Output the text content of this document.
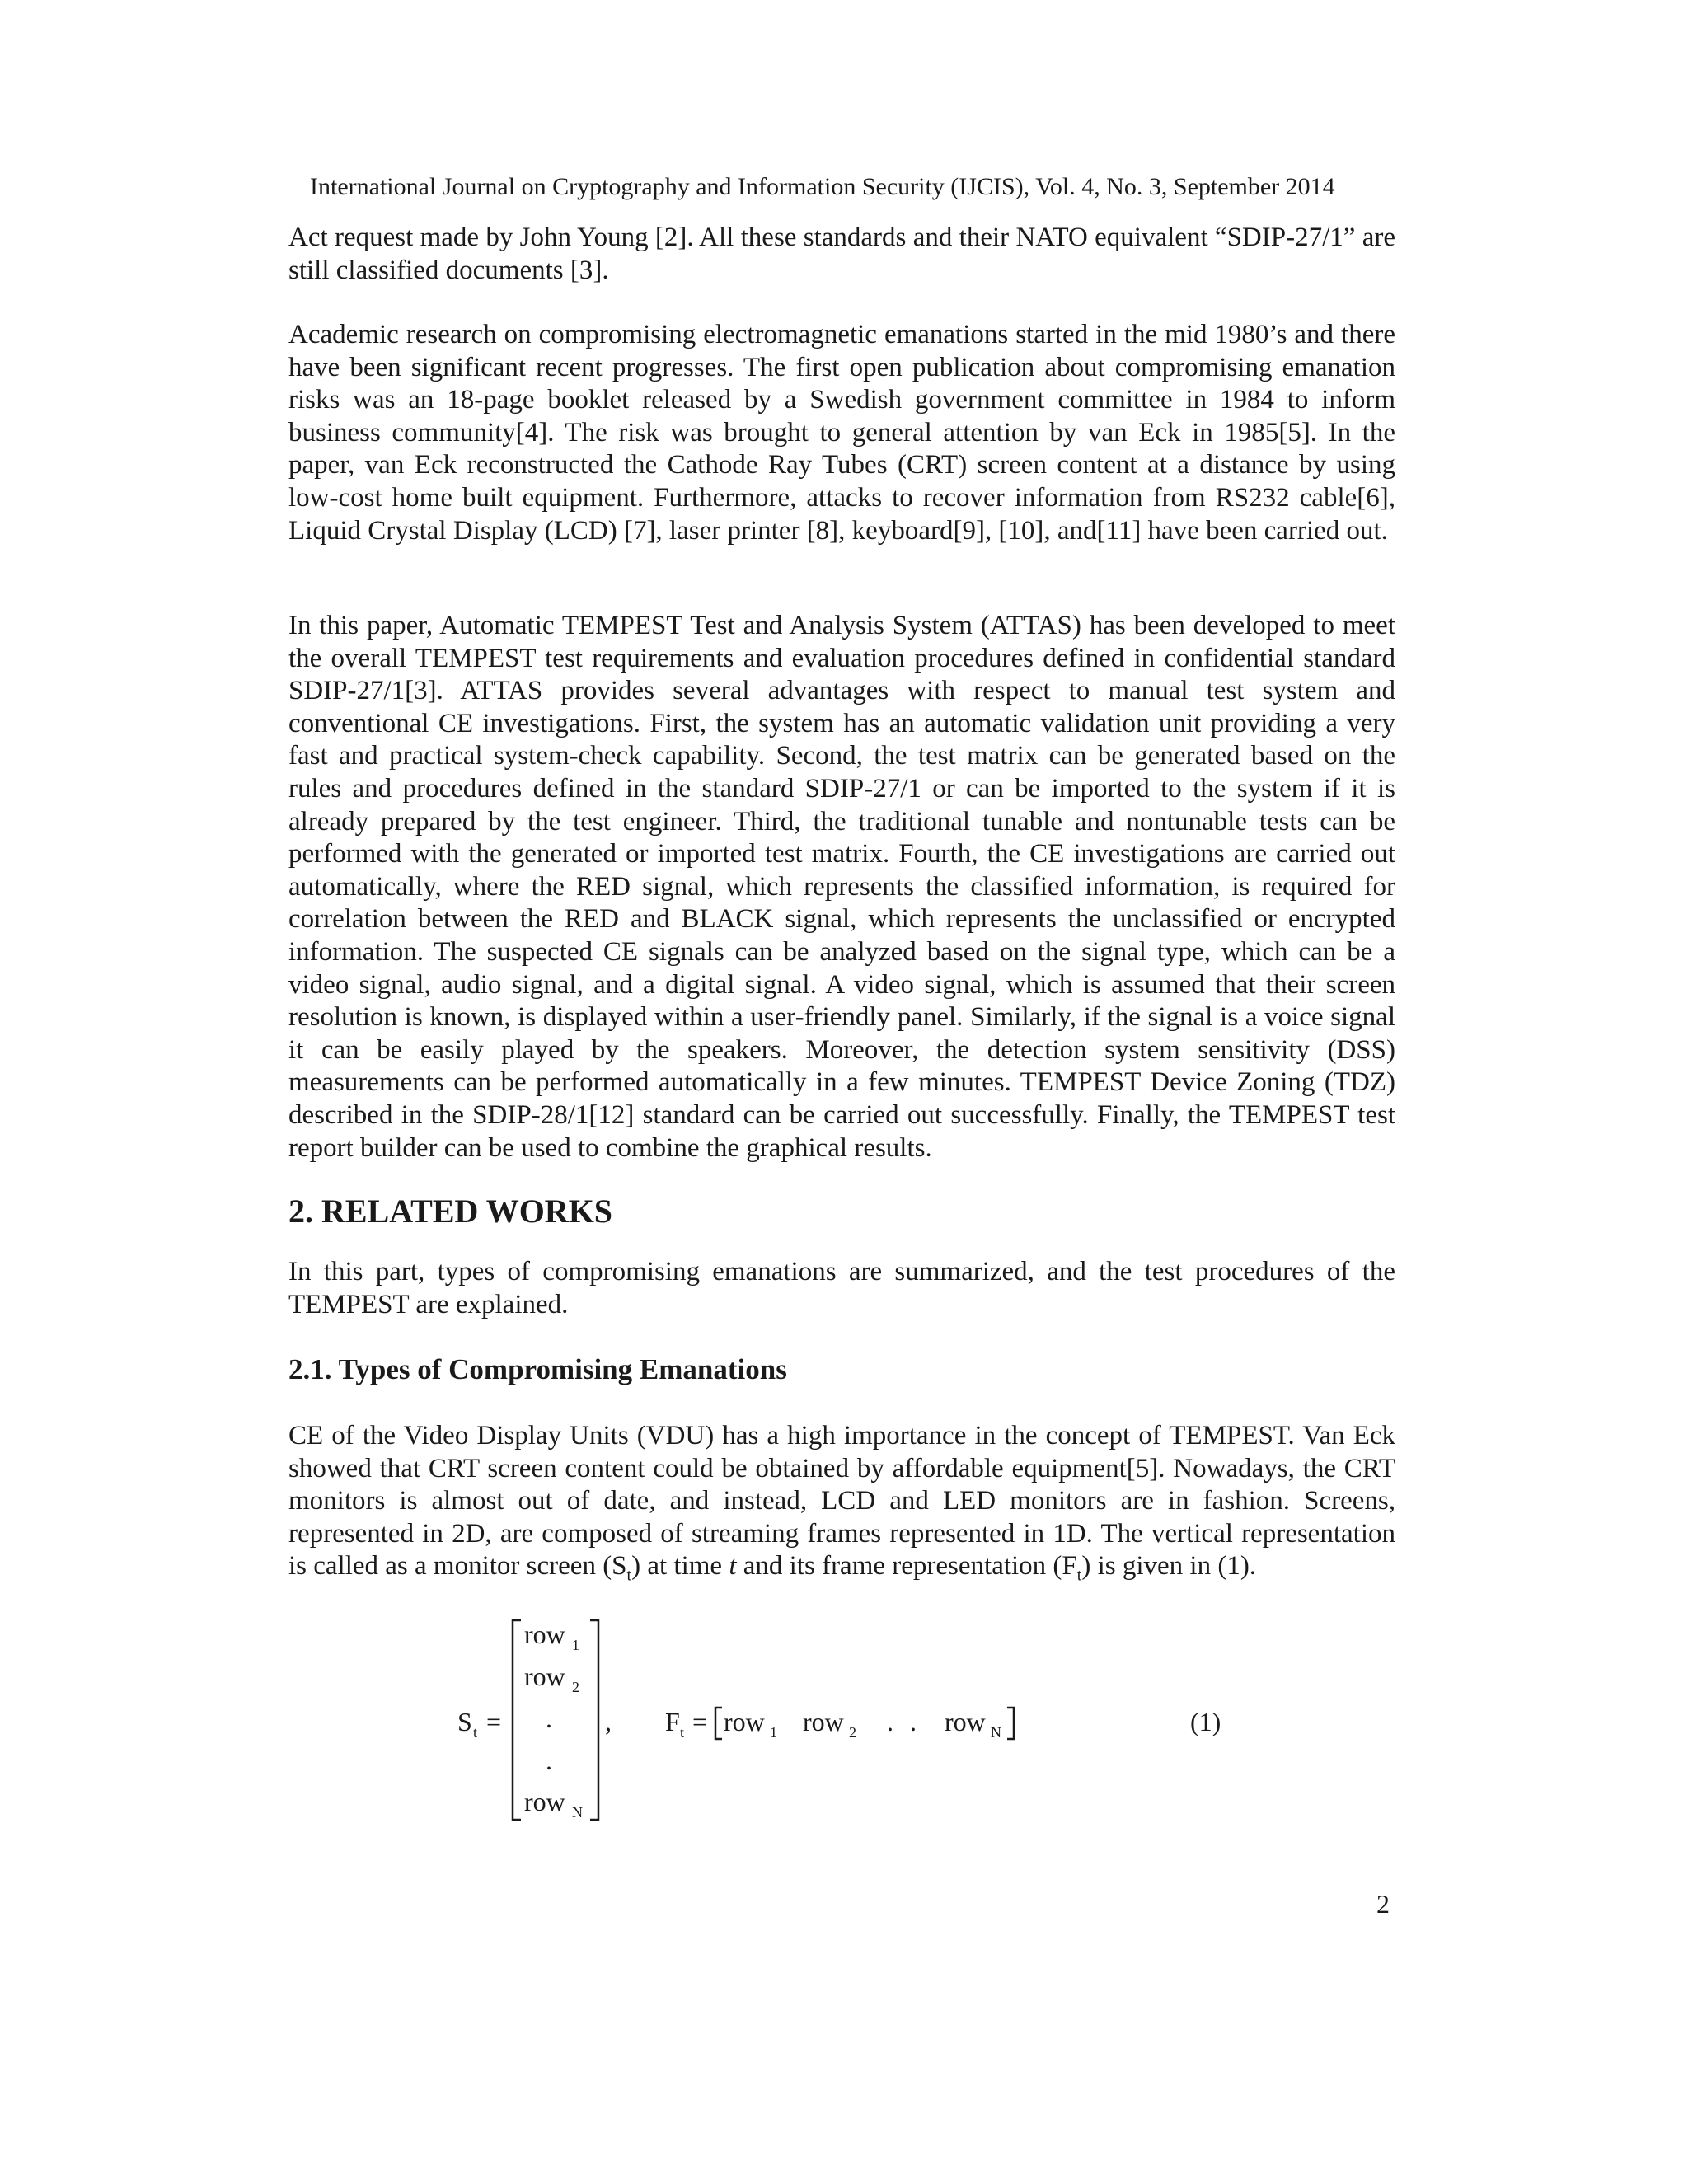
International Journal on Cryptography and Information Security (IJCIS), Vol. 4, No. 3, September 2014

Act request made by John Young [2]. All these standards and their NATO equivalent “SDIP-27/1” are still classified documents [3].

Academic research on compromising electromagnetic emanations started in the mid 1980’s and there have been significant recent progresses. The first open publication about compromising emanation risks was an 18-page booklet released by a Swedish government committee in 1984 to inform business community[4]. The risk was brought to general attention by van Eck in 1985[5]. In the paper, van Eck reconstructed the Cathode Ray Tubes (CRT) screen content at a distance by using low-cost home built equipment. Furthermore, attacks to recover information from RS232 cable[6], Liquid Crystal Display (LCD) [7], laser printer [8], keyboard[9], [10], and[11] have been carried out.

In this paper, Automatic TEMPEST Test and Analysis System (ATTAS) has been developed to meet the overall TEMPEST test requirements and evaluation procedures defined in confidential standard SDIP-27/1[3]. ATTAS provides several advantages with respect to manual test system and conventional CE investigations. First, the system has an automatic validation unit providing a very fast and practical system-check capability. Second, the test matrix can be generated based on the rules and procedures defined in the standard SDIP-27/1 or can be imported to the system if it is already prepared by the test engineer. Third, the traditional tunable and nontunable tests can be performed with the generated or imported test matrix. Fourth, the CE investigations are carried out automatically, where the RED signal, which represents the classified information, is required for correlation between the RED and BLACK signal, which represents the unclassified or encrypted information. The suspected CE signals can be analyzed based on the signal type, which can be a video signal, audio signal, and a digital signal. A video signal, which is assumed that their screen resolution is known, is displayed within a user-friendly panel. Similarly, if the signal is a voice signal it can be easily played by the speakers. Moreover, the detection system sensitivity (DSS) measurements can be performed automatically in a few minutes. TEMPEST Device Zoning (TDZ) described in the SDIP-28/1[12] standard can be carried out successfully. Finally, the TEMPEST test report builder can be used to combine the graphical results.

2. RELATED WORKS

In this part, types of compromising emanations are summarized, and the test procedures of the TEMPEST are explained.

2.1. Types of Compromising Emanations

CE of the Video Display Units (VDU) has a high importance in the concept of TEMPEST. Van Eck showed that CRT screen content could be obtained by affordable equipment[5]. Nowadays, the CRT monitors is almost out of date, and instead, LCD and LED monitors are in fashion. Screens, represented in 2D, are composed of streaming frames represented in 1D. The vertical representation is called as a monitor screen $(S_t)$ at time t and its frame representation $(F_t)$ is given in (1).

S t =
row 1
row 2
.
.
row N
, F t = row 1 row 2 . . row N	(1)
2
